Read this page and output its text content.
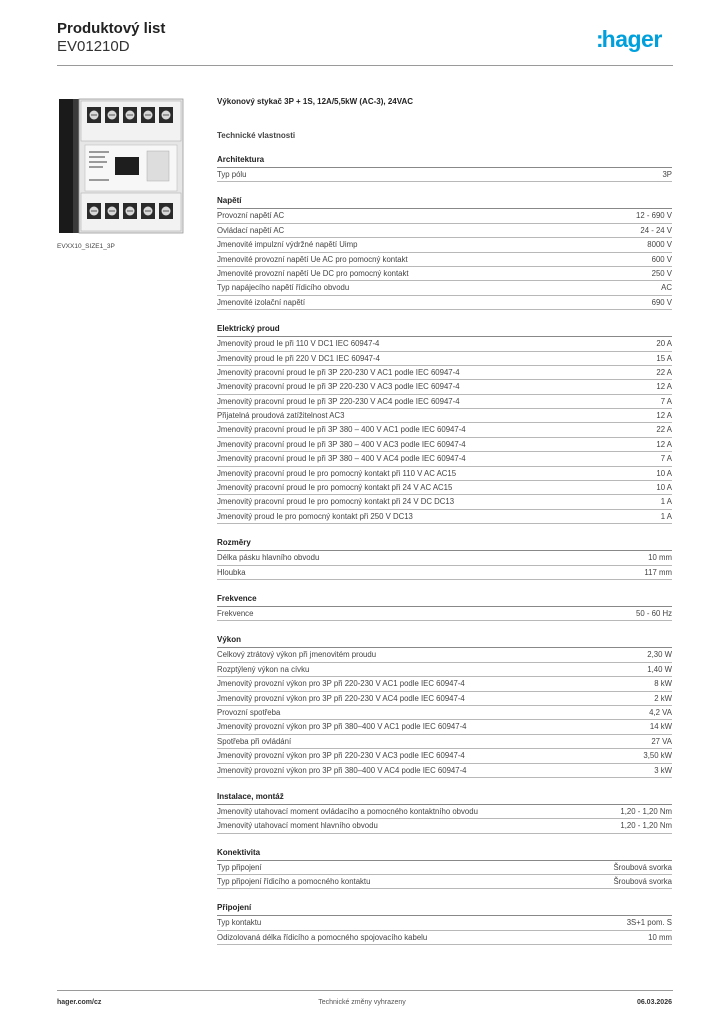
Produktový list
EV01210D	:hager
EVXX10_SIZE1_3P
Výkonový stykač 3P + 1S, 12A/5,5kW (AC-3), 24VAC
Technické vlastnosti
Architektura
Typ pólu	3P
Napětí
Provozní napětí AC	12 - 690 V
Ovládací napětí AC	24 - 24 V
Jmenovité impulzní výdržné napětí Uimp	8000 V
Jmenovité provozní napětí Ue AC pro pomocný kontakt	600 V
Jmenovité provozní napětí Ue DC pro pomocný kontakt	250 V
Typ napájecího napětí řídicího obvodu	AC
Jmenovité izolační napětí	690 V
Elektrický proud
Jmenovitý proud Ie při 110 V DC1 IEC 60947-4	20 A
Jmenovitý proud Ie při 220 V DC1 IEC 60947-4	15 A
Jmenovitý pracovní proud Ie při 3P 220-230 V AC1 podle IEC 60947-4	22 A
Jmenovitý pracovní proud Ie při 3P 220-230 V AC3 podle IEC 60947-4	12 A
Jmenovitý pracovní proud Ie při 3P 220-230 V AC4 podle IEC 60947-4	7 A
Přijatelná proudová zatížitelnost AC3	12 A
Jmenovitý pracovní proud Ie při 3P 380 – 400 V AC1 podle IEC 60947-4	22 A
Jmenovitý pracovní proud Ie při 3P 380 – 400 V AC3 podle IEC 60947-4	12 A
Jmenovitý pracovní proud Ie při 3P 380 – 400 V AC4 podle IEC 60947-4	7 A
Jmenovitý pracovní proud Ie pro pomocný kontakt při 110 V AC AC15	10 A
Jmenovitý pracovní proud Ie pro pomocný kontakt při 24 V AC AC15	10 A
Jmenovitý pracovní proud Ie pro pomocný kontakt při 24 V DC DC13	1 A
Jmenovitý proud Ie pro pomocný kontakt při 250 V DC13	1 A
Rozměry
Délka pásku hlavního obvodu	10 mm
Hloubka	117 mm
Frekvence
Frekvence	50 - 60 Hz
Výkon
Celkový ztrátový výkon při jmenovitém proudu	2,30 W
Rozptýlený výkon na cívku	1,40 W
Jmenovitý provozní výkon pro 3P při 220-230 V AC1 podle IEC 60947-4	8 kW
Jmenovitý provozní výkon pro 3P při 220-230 V AC4 podle IEC 60947-4	2 kW
Provozní spotřeba	4,2 VA
Jmenovitý provozní výkon pro 3P při 380–400 V AC1 podle IEC 60947-4	14 kW
Spotřeba při ovládání	27 VA
Jmenovitý provozní výkon pro 3P při 220-230 V AC3 podle IEC 60947-4	3,50 kW
Jmenovitý provozní výkon pro 3P při 380–400 V AC4 podle IEC 60947-4	3 kW
Instalace, montáž
Jmenovitý utahovací moment ovládacího a pomocného kontaktního obvodu	1,20 - 1,20 Nm
Jmenovitý utahovací moment hlavního obvodu	1,20 - 1,20 Nm
Konektivita
Typ připojení	Šroubová svorka
Typ připojení řídicího a pomocného kontaktu	Šroubová svorka
Připojení
Typ kontaktu	3S+1 pom. S
Odizolovaná délka řídicího a pomocného spojovacího kabelu	10 mm
hager.com/cz	Technické změny vyhrazeny	06.03.2026
